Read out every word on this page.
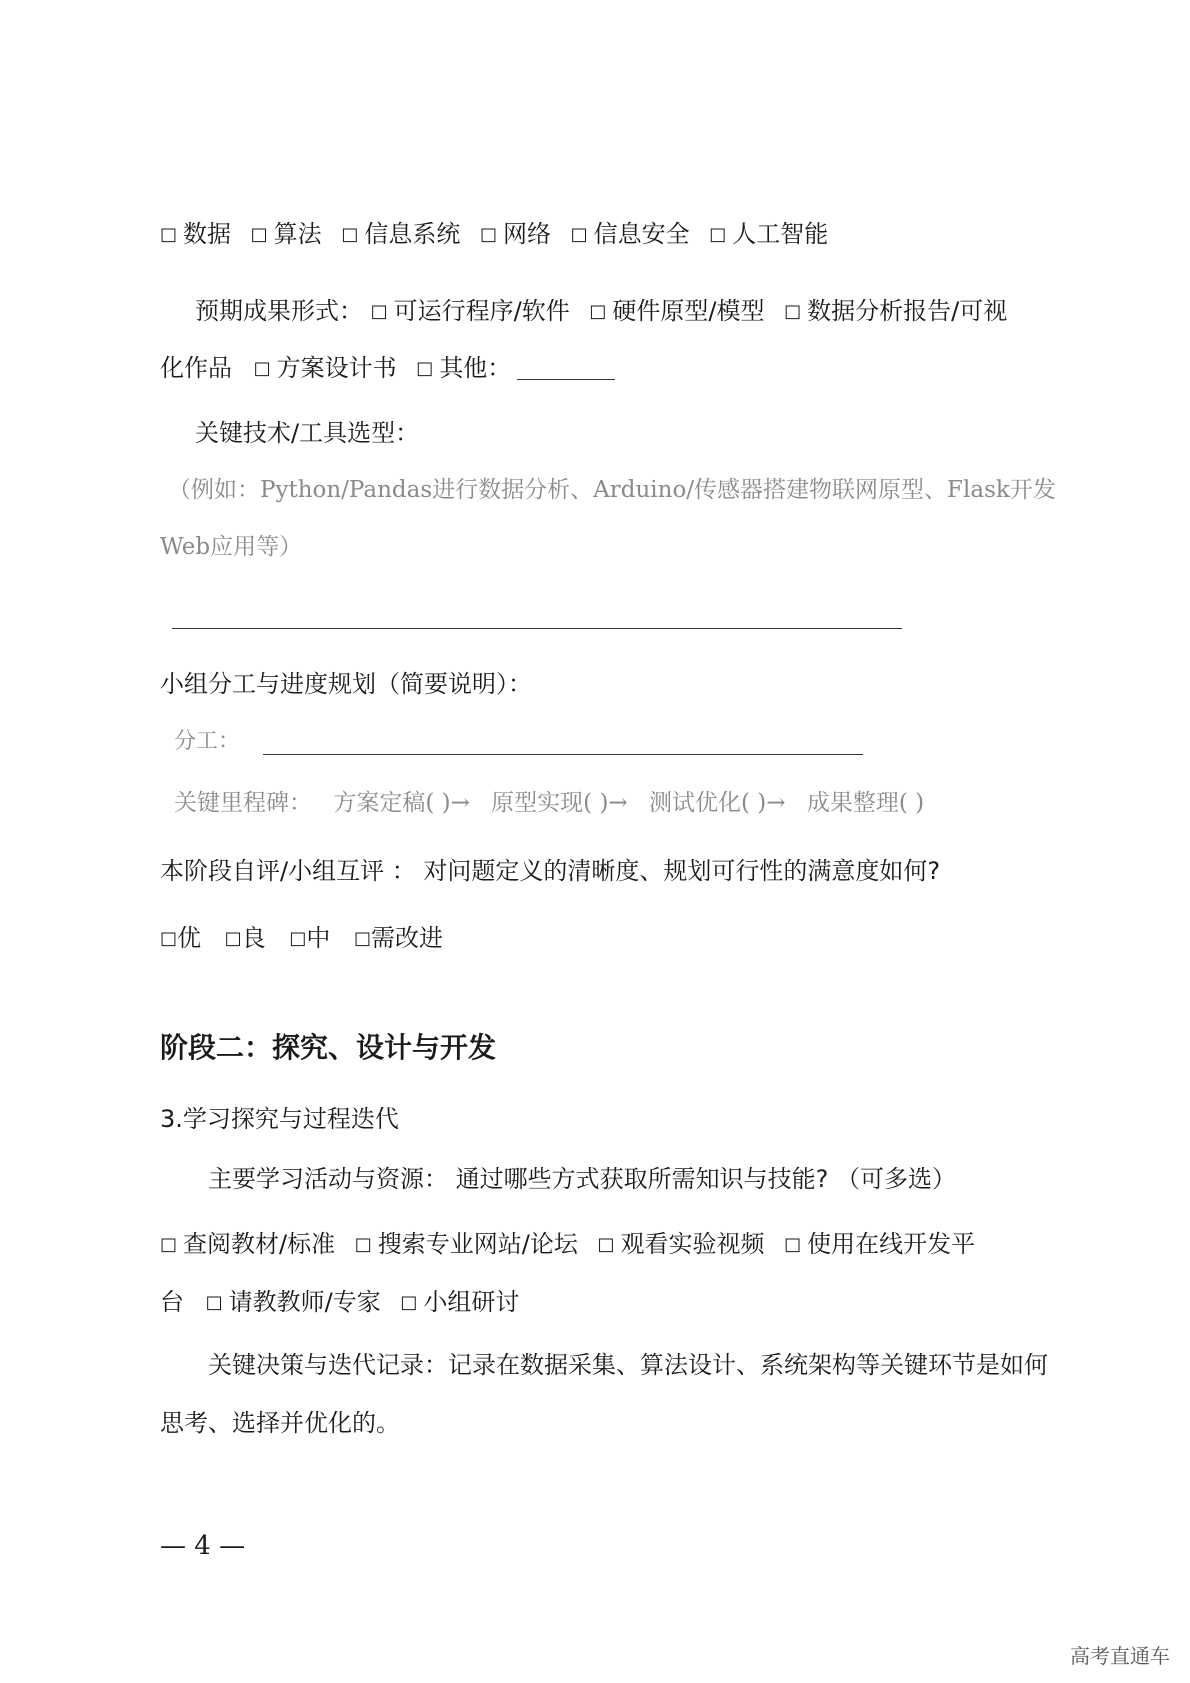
□ 数据 □ 算法 □ 信息系统 □ 网络 □ 信息安全 □ 人工智能
预期成果形式： □ 可运行程序/软件 □ 硬件原型/模型 □ 数据分析报告/可视
化作品 □ 方案设计书 □ 其他：
关键技术/工具选型：
（例如：Python/Pandas进行数据分析、Arduino/传感器搭建物联网原型、Flask开发
Web应用等）
小组分工与进度规划（简要说明）：
分工：
关键里程碑： 方案定稿( )→ 原型实现( )→ 测试优化( )→ 成果整理( )
本阶段自评/小组互评 ： 对问题定义的清晰度、规划可行性的满意度如何?
□优 □良 □中 □需改进
阶段二：探究、设计与开发
3.学习探究与过程迭代
主要学习活动与资源： 通过哪些方式获取所需知识与技能? （可多选）
□ 查阅教材/标准 □ 搜索专业网站/论坛 □ 观看实验视频 □ 使用在线开发平
台 □ 请教教师/专家 □ 小组研讨
关键决策与迭代记录：记录在数据采集、算法设计、系统架构等关键环节是如何
思考、选择并优化的。
— 4 —
高考直通车
